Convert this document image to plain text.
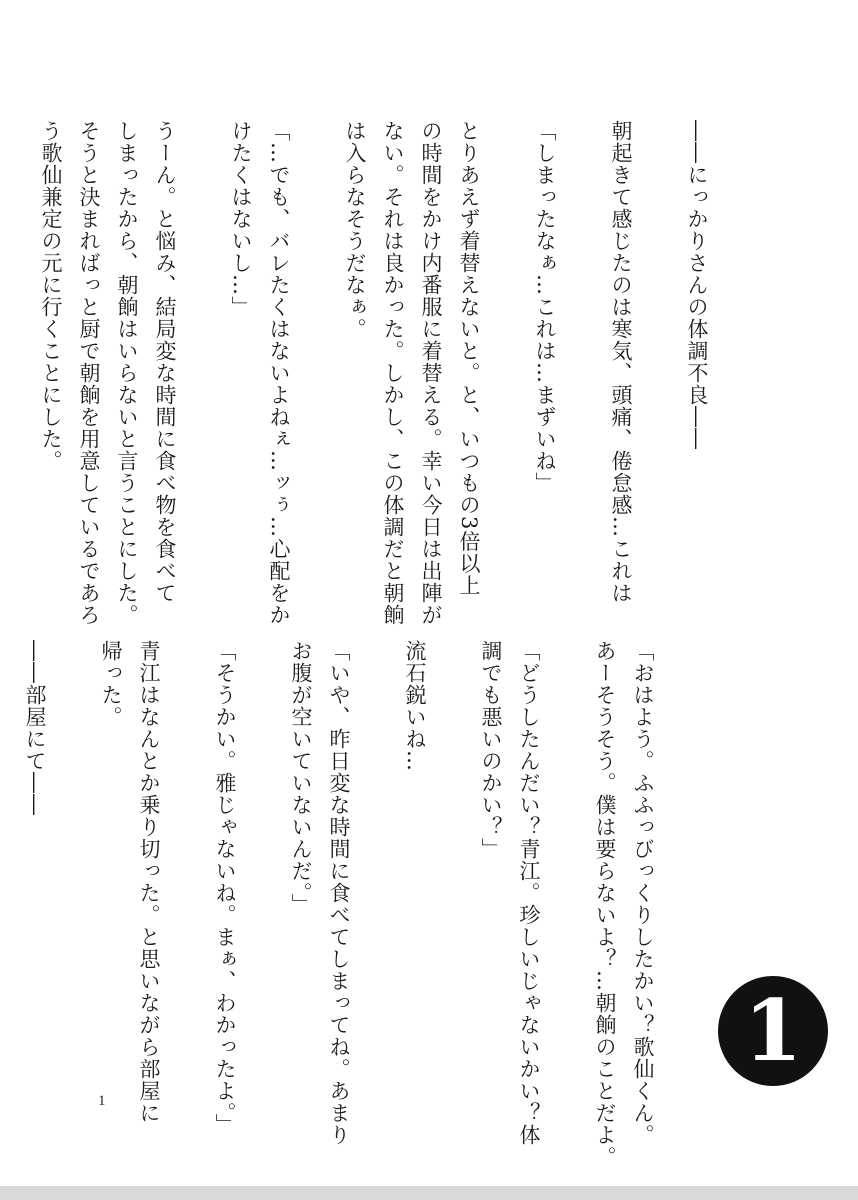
――にっかりさんの体調不良――

朝起きて感じたのは寒気、頭痛、倦怠感…これは

「しまったなぁ…これは…まずいね」

とりあえず着替えないと。と、いつもの3倍以上

の時間をかけ内番服に着替える。幸い今日は出陣が

ない。それは良かった。しかし、この体調だと朝餉

は入らなそうだなぁ。

「…でも、バレたくはないよねぇ…ッぅ…心配をか

けたくはないし…」

うーん。と悩み、結局変な時間に食べ物を食べて

しまったから、朝餉はいらないと言うことにした。

そうと決まればっと厨で朝餉を用意しているであろ

う歌仙兼定の元に行くことにした。

「おはよう。ふふっびっくりしたかい？歌仙くん。

あーそうそう。僕は要らないよ？…朝餉のことだよ。

「どうしたんだい？青江。珍しいじゃないかい？体

調でも悪いのかい？」

流石鋭いね…

「いや、昨日変な時間に食べてしまってね。あまり

お腹が空いていないんだ。」

「そうかい。雅じゃないね。まぁ、わかったよ。」

青江はなんとか乗り切った。と思いながら部屋に

帰った。

――部屋にて――

1
1
